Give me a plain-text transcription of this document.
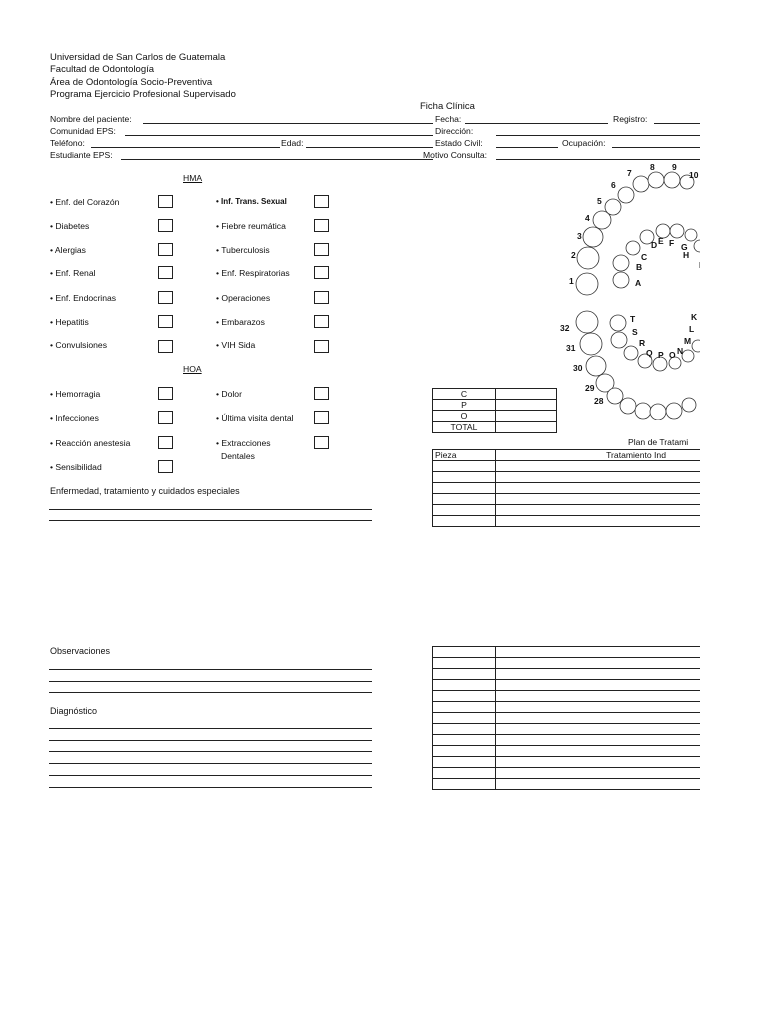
Universidad de San Carlos de Guatemala
Facultad de Odontología
Área de Odontología Socio-Preventiva
Programa Ejercicio Profesional Supervisado
Ficha Clínica
Nombre del paciente:	Fecha:	Registro:
Comunidad EPS:	Dirección:
Teléfono:	Edad:	Estado Civil:	Ocupación:
Estudiante EPS:	Motivo Consulta:
HMA
• Enf. del Corazón
• Diabetes
• Alergias
• Enf. Renal
• Enf. Endocrinas
• Hepatitis
• Convulsiones
• Inf. Trans. Sexual
• Fiebre reumática
• Tuberculosis
• Enf. Respiratorias
• Operaciones
• Embarazos
• VIH Sida
HOA
• Hemorragia
• Infecciones
• Reacción anestesia
• Sensibilidad
• Dolor
• Última visita dental
• Extracciones
Dentales
Enfermedad, tratamiento y cuidados especiales
Observaciones
Diagnóstico
C	
P	
O	
TOTAL	
Plan de Tratami
Pieza	Tratamiento Ind

1
2
3
4
5
6
7
8 9
10
A
B
C
D E F G
H
32
31
30
29
28
T
S
R
Q P O N
M
L
K
